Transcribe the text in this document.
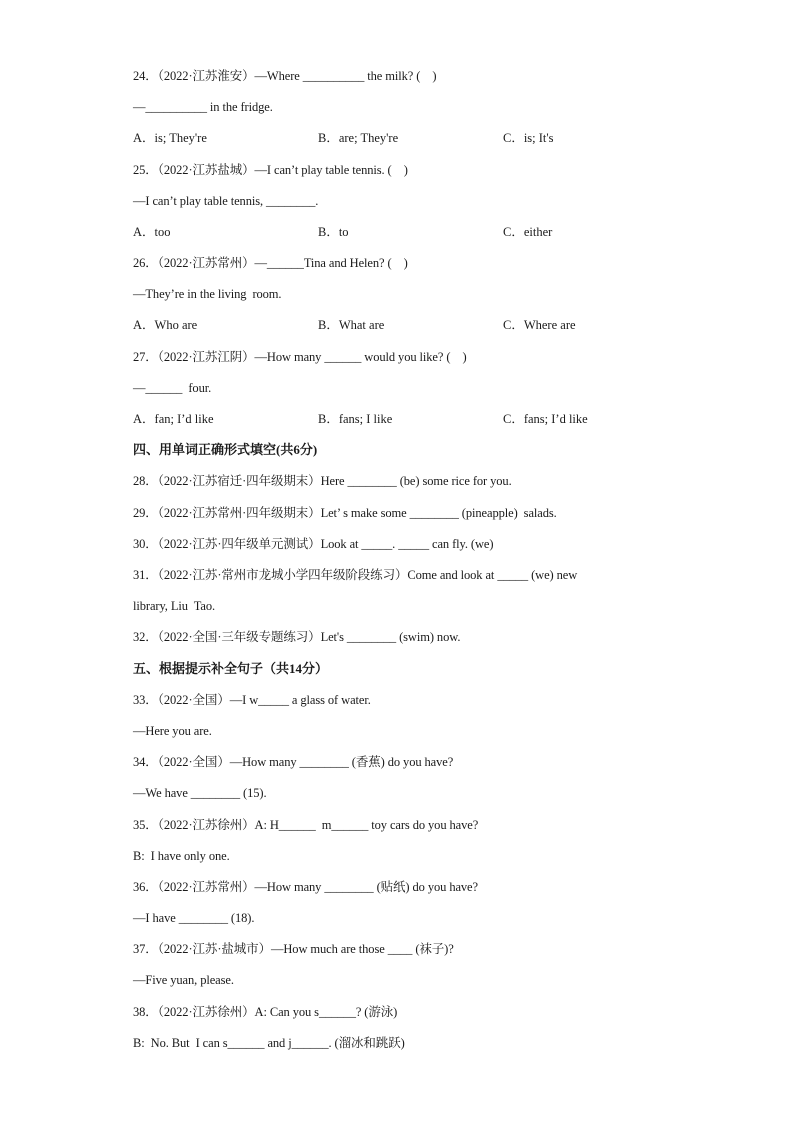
24．（2022·江苏淮安）—Where __________ the milk? (    )
—__________ in the fridge.
A．is; They're	B．are; They're	C．is; It's
25．（2022·江苏盐城）—I can’t play table tennis. (    )
—I can’t play table tennis, ________.
A．too	B．to	C．either
26．（2022·江苏常州）—______Tina and Helen? (    )
—They’re in the living  room.
A．Who are	B．What are	C．Where are
27．（2022·江苏江阴）—How many ______ would you like? (    )
—______  four.
A．fan; I’d like	B．fans; I like	C．fans; I’d like
四、用单词正确形式填空(共6分)
28．（2022·江苏宿迁·四年级期末）Here ________ (be) some rice for you.
29．（2022·江苏常州·四年级期末）Let’ s make some ________ (pineapple)  salads.
30．（2022·江苏·四年级单元测试）Look at _____. _____ can fly. (we)
31．（2022·江苏·常州市龙城小学四年级阶段练习）Come and look at _____ (we) new
library, Liu  Tao.
32．（2022·全国·三年级专题练习）Let's ________ (swim) now.
五、根据提示补全句子（共14分）
33．（2022·全国）—I w_____ a glass of water.
—Here you are.
34．（2022·全国）—How many ________ (香蕉) do you have?
—We have ________ (15).
35．（2022·江苏徐州）A: H______  m______ toy cars do you have?
B:  I have only one.
36．（2022·江苏常州）—How many ________ (贴纸) do you have?
—I have ________ (18).
37．（2022·江苏·盐城市）—How much are those ____ (袜子)?
—Five yuan, please.
38．（2022·江苏徐州）A: Can you s______? (游泳)
B:  No. But  I can s______ and j______. (溜冰和跳跃)
